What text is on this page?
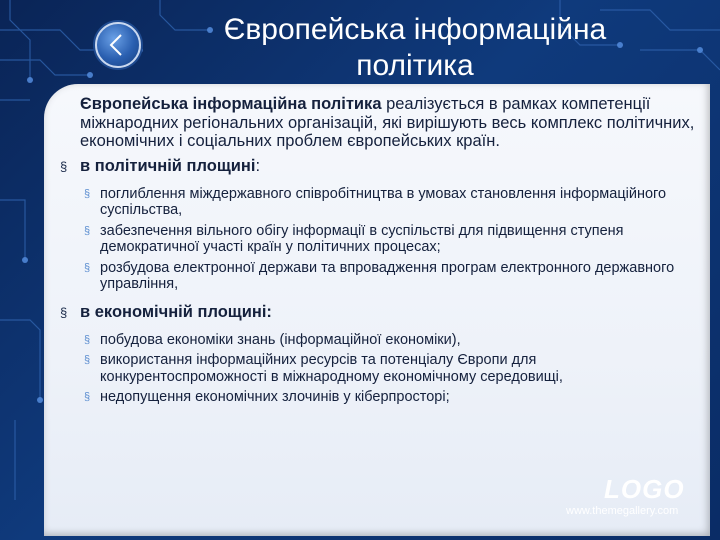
Європейська інформаційна
політика

Європейська інформаційна політика реалізується в рамках компетенції міжнародних регіональних організацій, які вирішують весь комплекс політичних, економічних і соціальних проблем європейських країн.

§ в політичній площині:
§ поглиблення міждержавного співробітництва в умовах становлення інформаційного суспільства,
§ забезпечення вільного обігу інформації в суспільстві для підвищення ступеня демократичної участі країн у політичних процесах;
§ розбудова електронної держави та впровадження програм електронного державного управління,
§ в економічній площині:
§ побудова економіки знань (інформаційної економіки),
§ використання інформаційних ресурсів та потенціалу Європи для конкурентоспроможності в міжнародному економічному середовищі,
§ недопущення економічних злочинів у кіберпросторі;
LOGO
www.themegallery.com
